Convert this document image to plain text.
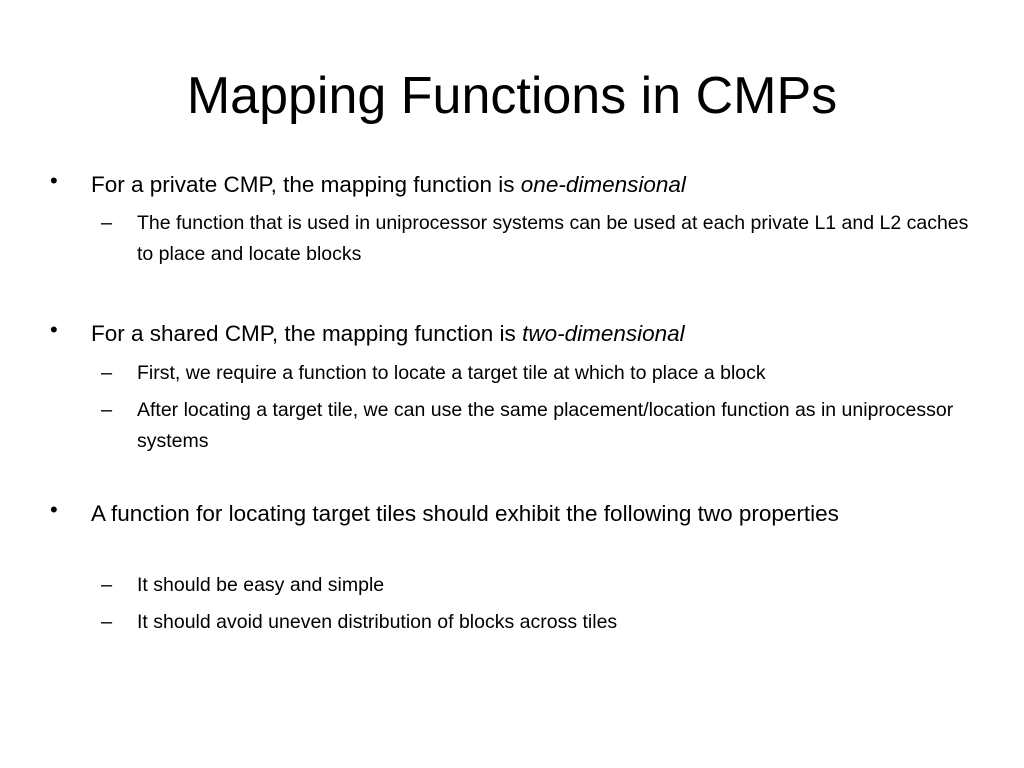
Mapping Functions in CMPs
•	For a private CMP, the mapping function is one-dimensional
–	The function that is used in uniprocessor systems can be used at each private L1 and L2 caches to place and locate blocks
•	For a shared CMP, the mapping function is two-dimensional
–	First, we require a function to locate a target tile at which to place a block
–	After locating a target tile, we can use the same placement/location function as in uniprocessor systems
•	A function for locating target tiles should exhibit the following two properties
–	It should be easy and simple
–	It should avoid uneven distribution of blocks across tiles
